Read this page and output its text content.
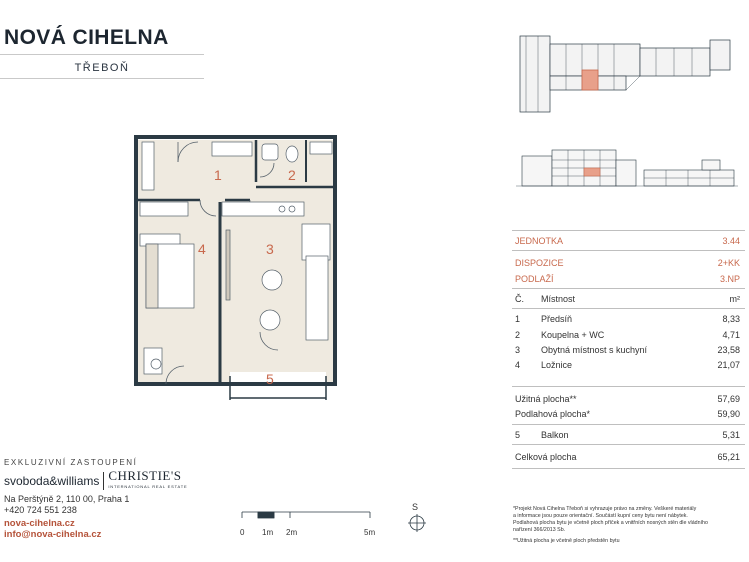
NOVÁ CIHELNA
TŘEBOŇ
1	2
3
4
5
0 1m 2m	5m
S
EXKLUZIVNÍ ZASTOUPENÍ
svoboda&williams CHRISTIE'S
INTERNATIONAL REAL ESTATE
Na Perštýně 2, 110 00, Praha 1
+420 724 551 238
nova-cihelna.cz
info@nova-cihelna.cz
JEDNOTKA	3.44
DISPOZICE	2+KK
PODLAŽÍ	3.NP
Č. Místnost	m²
1 Předsíň	8,33
2 Koupelna + WC	4,71
3 Obytná místnost s kuchyní	23,58
4 Ložnice	21,07
Užitná plocha**	57,69
Podlahová plocha*	59,90
5 Balkon	5,31
Celková plocha	65,21
*Projekt Nová Cihelna Třeboň si vyhrazuje právo na změny. Veškeré materiály
a informace jsou pouze orientační. Součástí kupní ceny bytu není nábytek.
Podlahová plocha bytu je včetně ploch příček a vnitřních nosných stěn dle vládního
nařízení 366/2013 Sb.
**Užitná plocha je včetně ploch předstěn bytu
